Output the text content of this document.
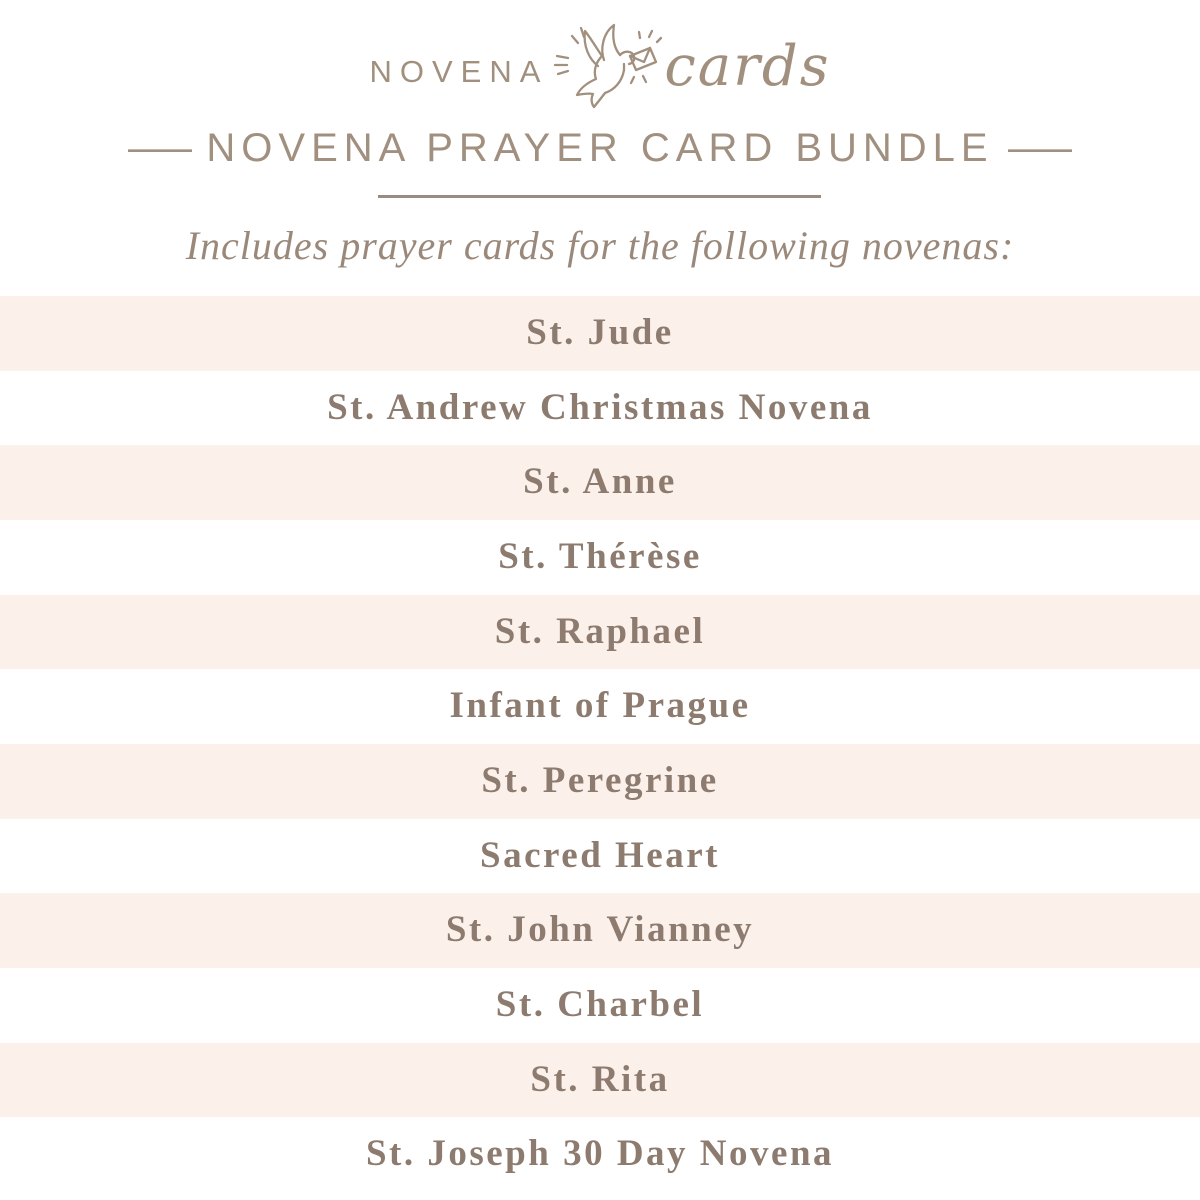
NOVENA cards
— NOVENA PRAYER CARD BUNDLE —
Includes prayer cards for the following novenas:
St. Jude
St. Andrew Christmas Novena
St. Anne
St. Thérèse
St. Raphael
Infant of Prague
St. Peregrine
Sacred Heart
St. John Vianney
St. Charbel
St. Rita
St. Joseph 30 Day Novena
